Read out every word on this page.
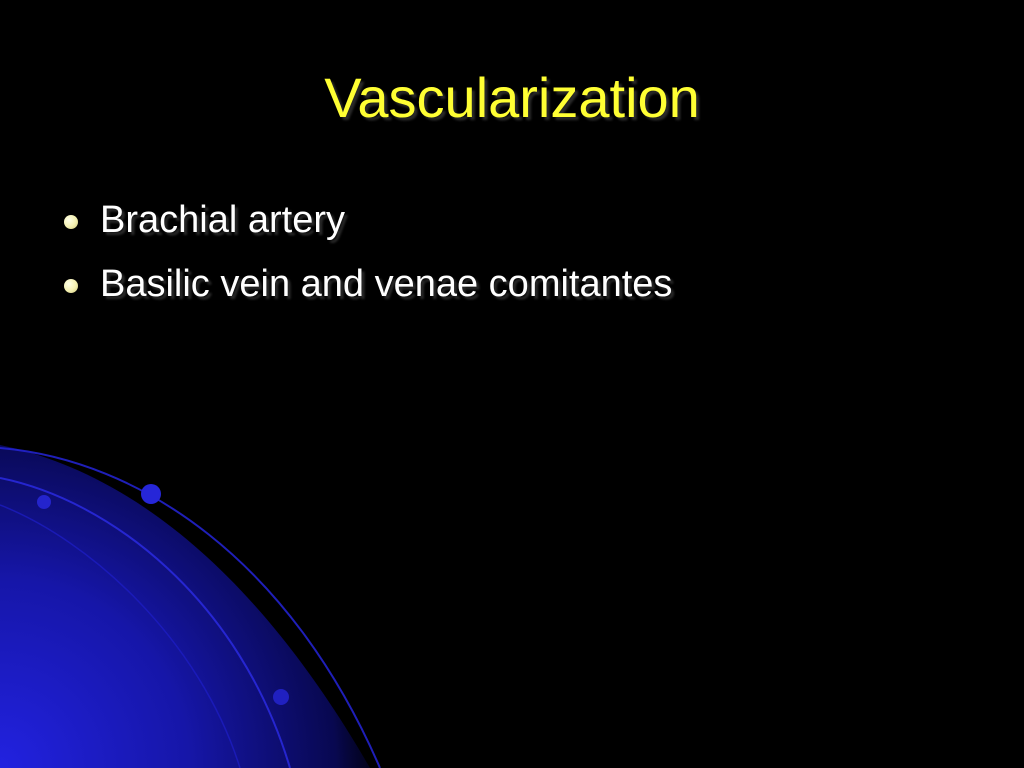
Vascularization
Brachial artery
Basilic vein and venae comitantes
